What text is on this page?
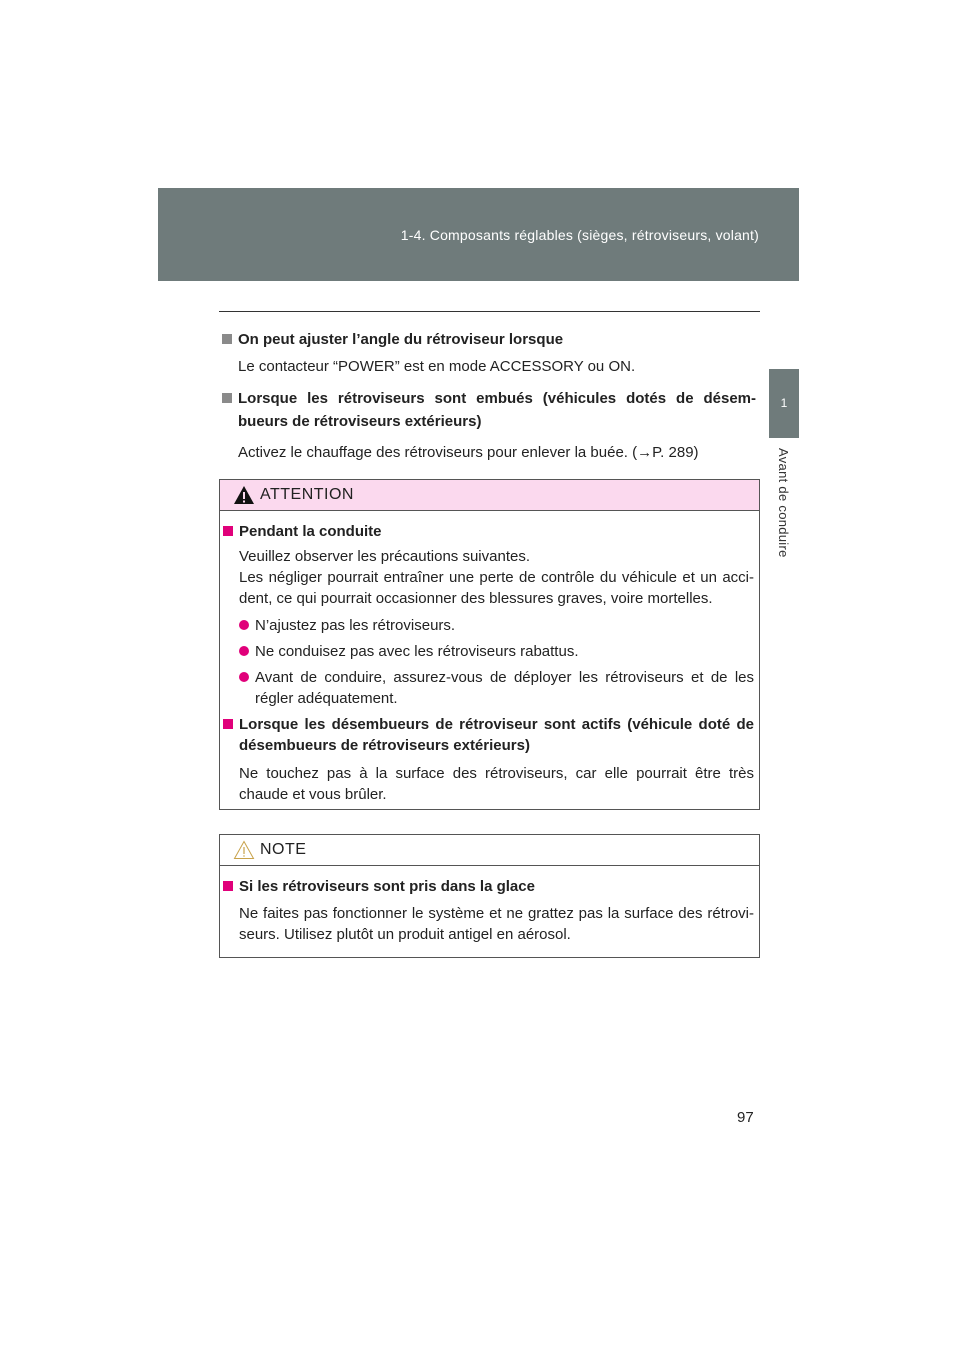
1-4. Composants réglables (sièges, rétroviseurs, volant)
1
Avant de conduire
On peut ajuster l’angle du rétroviseur lorsque
Le contacteur “POWER” est en mode ACCESSORY ou ON.
Lorsque les rétroviseurs sont embués (véhicules dotés de désem-bueurs de rétroviseurs extérieurs)
Activez le chauffage des rétroviseurs pour enlever la buée. (→P. 289)
ATTENTION
Pendant la conduite
Veuillez observer les précautions suivantes.
Les négliger pourrait entraîner une perte de contrôle du véhicule et un acci-dent, ce qui pourrait occasionner des blessures graves, voire mortelles.
N’ajustez pas les rétroviseurs.
Ne conduisez pas avec les rétroviseurs rabattus.
Avant de conduire, assurez-vous de déployer les rétroviseurs et de les régler adéquatement.
Lorsque les désembueurs de rétroviseur sont actifs (véhicule doté de désembueurs de rétroviseurs extérieurs)
Ne touchez pas à la surface des rétroviseurs, car elle pourrait être très chaude et vous brûler.
NOTE
Si les rétroviseurs sont pris dans la glace
Ne faites pas fonctionner le système et ne grattez pas la surface des rétrovi-seurs. Utilisez plutôt un produit antigel en aérosol.
97
